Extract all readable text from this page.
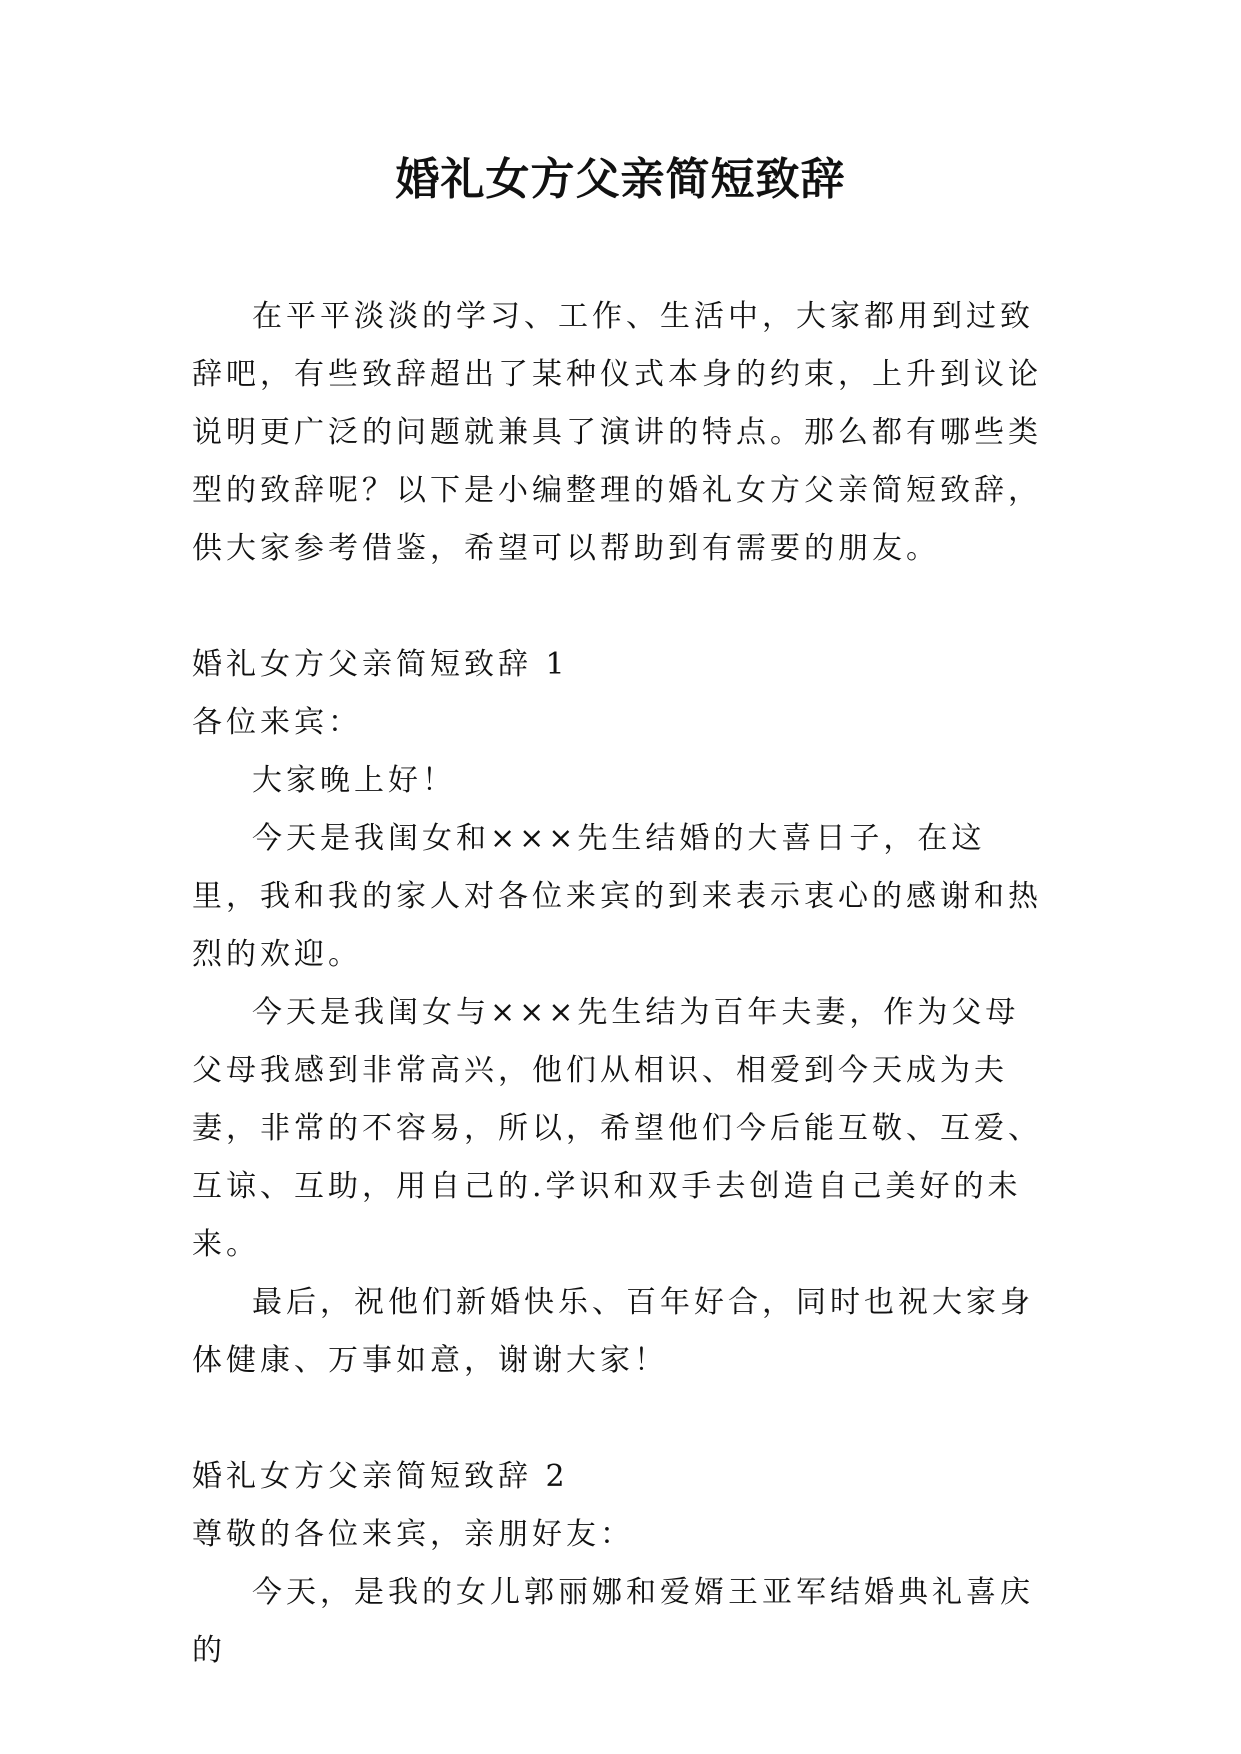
婚礼女方父亲简短致辞

在平平淡淡的学习、工作、生活中，大家都用到过致辞吧，有些致辞超出了某种仪式本身的约束，上升到议论说明更广泛的问题就兼具了演讲的特点。那么都有哪些类型的致辞呢？以下是小编整理的婚礼女方父亲简短致辞，供大家参考借鉴，希望可以帮助到有需要的朋友。

婚礼女方父亲简短致辞 1

各位来宾：

大家晚上好！

今天是我闺女和×××先生结婚的大喜日子，在这里，我和我的家人对各位来宾的到来表示衷心的感谢和热烈的欢迎。

今天是我闺女与×××先生结为百年夫妻，作为父母父母我感到非常高兴，他们从相识、相爱到今天成为夫妻，非常的不容易，所以，希望他们今后能互敬、互爱、互谅、互助，用自己的.学识和双手去创造自己美好的未来。

最后，祝他们新婚快乐、百年好合，同时也祝大家身体健康、万事如意，谢谢大家！

婚礼女方父亲简短致辞 2

尊敬的各位来宾，亲朋好友：

今天，是我的女儿郭丽娜和爱婿王亚军结婚典礼喜庆的
